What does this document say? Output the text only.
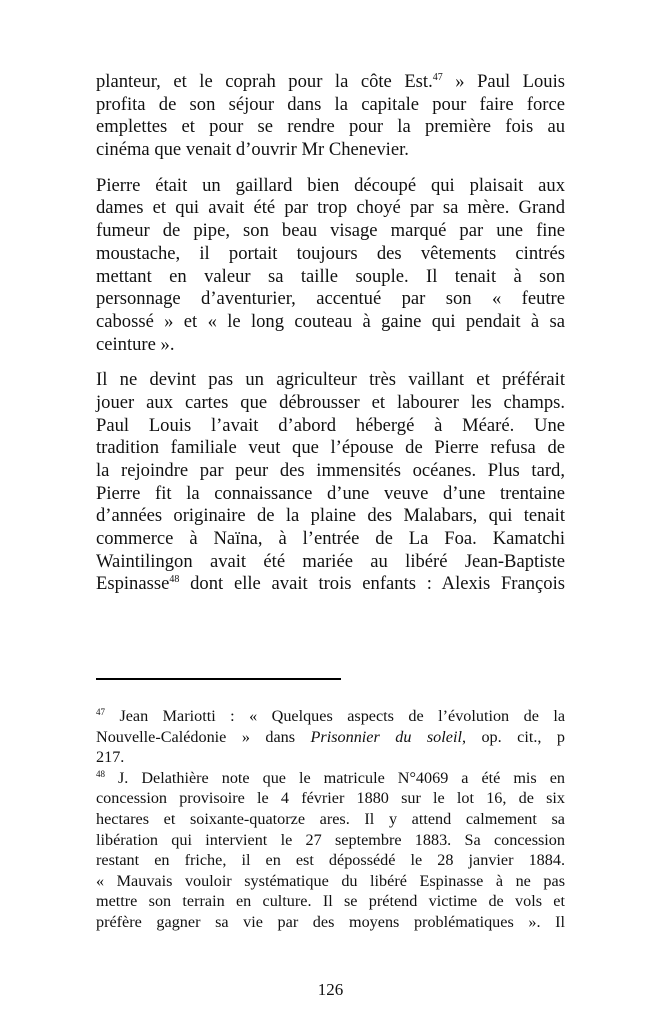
planteur, et le coprah pour la côte Est.$^{47}$ » Paul Louis
profita de son séjour dans la capitale pour faire force
emplettes et pour se rendre pour la première fois au
cinéma que venait d’ouvrir Mr Chenevier.

Pierre était un gaillard bien découpé qui plaisait aux
dames et qui avait été par trop choyé par sa mère. Grand
fumeur de pipe, son beau visage marqué par une fine
moustache, il portait toujours des vêtements cintrés
mettant en valeur sa taille souple. Il tenait à son
personnage d’aventurier, accentué par son « feutre
cabossé » et « le long couteau à gaine qui pendait à sa
ceinture ».

Il ne devint pas un agriculteur très vaillant et préférait
jouer aux cartes que débrousser et labourer les champs.
Paul Louis l’avait d’abord hébergé à Méaré. Une
tradition familiale veut que l’épouse de Pierre refusa de
la rejoindre par peur des immensités océanes. Plus tard,
Pierre fit la connaissance d’une veuve d’une trentaine
d’années originaire de la plaine des Malabars, qui tenait
commerce à Naïna, à l’entrée de La Foa. Kamatchi
Waintilingon avait été mariée au libéré Jean-Baptiste
Espinasse$^{48}$ dont elle avait trois enfants : Alexis François

$^{47}$ Jean Mariotti : « Quelques aspects de l’évolution de la
Nouvelle-Calédonie » dans Prisonnier du soleil, op. cit., p
217.
$^{48}$ J. Delathière note que le matricule N°4069 a été mis en
concession provisoire le 4 février 1880 sur le lot 16, de six
hectares et soixante-quatorze ares. Il y attend calmement sa
libération qui intervient le 27 septembre 1883. Sa concession
restant en friche, il en est dépossédé le 28 janvier 1884.
« Mauvais vouloir systématique du libéré Espinasse à ne pas
mettre son terrain en culture. Il se prétend victime de vols et
préfère gagner sa vie par des moyens problématiques ». Il
126
